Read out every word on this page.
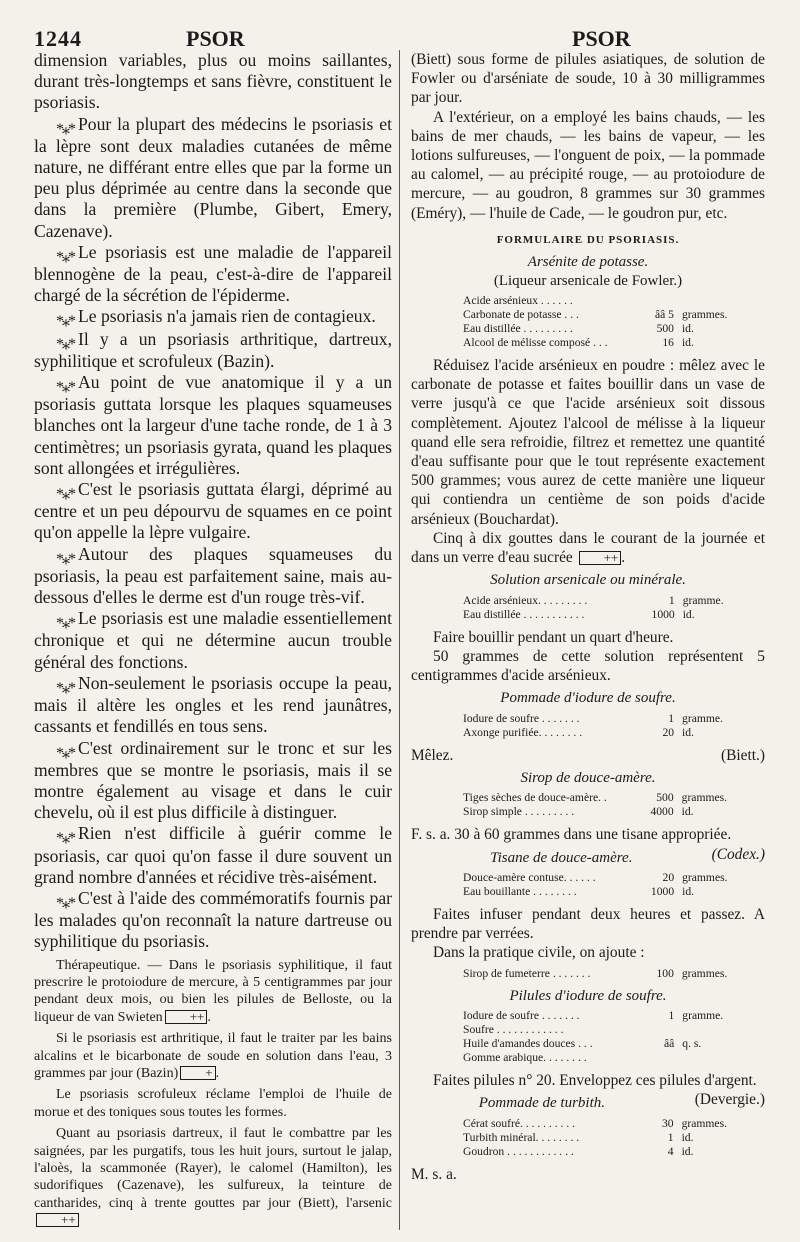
1244	PSOR	PSOR

dimension variables, plus ou moins saillantes, durant très-longtemps et sans fièvre, constituent le psoriasis.

*⁎* Pour la plupart des médecins le psoriasis et la lèpre sont deux maladies cutanées de même nature, ne différant entre elles que par la forme un peu plus déprimée au centre dans la seconde que dans la première (Plumbe, Gibert, Emery, Cazenave).

*⁎* Le psoriasis est une maladie de l'appareil blennogène de la peau, c'est-à-dire de l'appareil chargé de la sécrétion de l'épiderme.

*⁎* Le psoriasis n'a jamais rien de contagieux.

*⁎* Il y a un psoriasis arthritique, dartreux, syphilitique et scrofuleux (Bazin).

*⁎* Au point de vue anatomique il y a un psoriasis guttata lorsque les plaques squameuses blanches ont la largeur d'une tache ronde, de 1 à 3 centimètres; un psoriasis gyrata, quand les plaques sont allongées et irrégulières.

*⁎* C'est le psoriasis guttata élargi, déprimé au centre et un peu dépourvu de squames en ce point qu'on appelle la lèpre vulgaire.

*⁎* Autour des plaques squameuses du psoriasis, la peau est parfaitement saine, mais au-dessous d'elles le derme est d'un rouge très-vif.

*⁎* Le psoriasis est une maladie essentiellement chronique et qui ne détermine aucun trouble général des fonctions.

*⁎* Non-seulement le psoriasis occupe la peau, mais il altère les ongles et les rend jaunâtres, cassants et fendillés en tous sens.

*⁎* C'est ordinairement sur le tronc et sur les membres que se montre le psoriasis, mais il se montre également au visage et dans le cuir chevelu, où il est plus difficile à distinguer.

*⁎* Rien n'est difficile à guérir comme le psoriasis, car quoi qu'on fasse il dure souvent un grand nombre d'années et récidive très-aisément.

*⁎* C'est à l'aide des commémoratifs fournis par les malades qu'on reconnaît la nature dartreuse ou syphilitique du psoriasis.

Thérapeutique. — Dans le psoriasis syphilitique, il faut prescrire le protoiodure de mercure, à 5 centigrammes par jour pendant deux mois, ou bien les pilules de Belloste, ou la liqueur de van Swieten ++ .

Si le psoriasis est arthritique, il faut le traiter par les bains alcalins et le bicarbonate de soude en solution dans l'eau, 3 grammes par jour (Bazin) + .

Le psoriasis scrofuleux réclame l'emploi de l'huile de morue et des toniques sous toutes les formes.

Quant au psoriasis dartreux, il faut le combattre par les saignées, par les purgatifs, tous les huit jours, surtout le jalap, l'aloès, la scammonée (Rayer), le calomel (Hamilton), les sudorifiques (Cazenave), les sulfureux, la teinture de cantharides, cinq à trente gouttes par jour (Biett), l'arsenic++

(Biett) sous forme de pilules asiatiques, de solution de Fowler ou d'arséniate de soude, 10 à 30 milligrammes par jour.

A l'extérieur, on a employé les bains chauds, — les bains de mer chauds, — les bains de vapeur, — les lotions sulfureuses, — l'onguent de poix, — la pommade au calomel, — au précipité rouge, — au protoiodure de mercure, — au goudron, 8 grammes sur 30 grammes (Eméry), — l'huile de Cade, — le goudron pur, etc.

FORMULAIRE DU PSORIASIS.
Arsénite de potasse.
(Liqueur arsenicale de Fowler.)
Acide arsénieux . . . . . .		
Carbonate de potasse . . .	ââ 5	grammes.
Eau distillée . . . . . . . . .	500	id.
Alcool de mélisse composé . . .	16	id.

Réduisez l'acide arsénieux en poudre : mêlez avec le carbonate de potasse et faites bouillir dans un vase de verre jusqu'à ce que l'acide arsénieux soit dissous complètement. Ajoutez l'alcool de mélisse à la liqueur quand elle sera refroidie, filtrez et remettez une quantité d'eau suffisante pour que le tout représente exactement 500 grammes; vous aurez de cette manière une liqueur qui contiendra un centième de son poids d'acide arsénieux (Bouchardat).

Cinq à dix gouttes dans le courant de la journée et dans un verre d'eau sucrée ++ .

Solution arsenicale ou minérale.
Acide arsénieux. . . . . . . . .	1	gramme.
Eau distillée . . . . . . . . . . .	1000	id.

Faire bouillir pendant un quart d'heure.

50 grammes de cette solution représentent 5 centigrammes d'acide arsénieux.

Pommade d'iodure de soufre.
Iodure de soufre . . . . . . .	1	gramme.
Axonge purifiée. . . . . . . .	20	id.

Mêlez.	(Biett.)

Sirop de douce-amère.
Tiges sèches de douce-amère. .	500	grammes.
Sirop simple . . . . . . . . .	4000	id.

F. s. a. 30 à 60 grammes dans une tisane appropriée.
(Codex.)

Tisane de douce-amère.
Douce-amère contuse. . . . . .	20	grammes.
Eau bouillante . . . . . . . .	1000	id.

Faites infuser pendant deux heures et passez. A prendre par verrées.

Dans la pratique civile, on ajoute :

Sirop de fumeterre . . . . . . .	100	grammes.
Pilules d'iodure de soufre.
Iodure de soufre . . . . . . .	1	gramme.
Soufre . . . . . . . . . . . .		
Huile d'amandes douces . . .	ââ	q. s.
Gomme arabique. . . . . . . .		

Faites pilules n° 20. Enveloppez ces pilules d'argent.
(Devergie.)

Pommade de turbith.
Cérat soufré. . . . . . . . . .	30	grammes.
Turbith minéral. . . . . . . .	1	id.
Goudron . . . . . . . . . . . .	4	id.

M. s. a.
